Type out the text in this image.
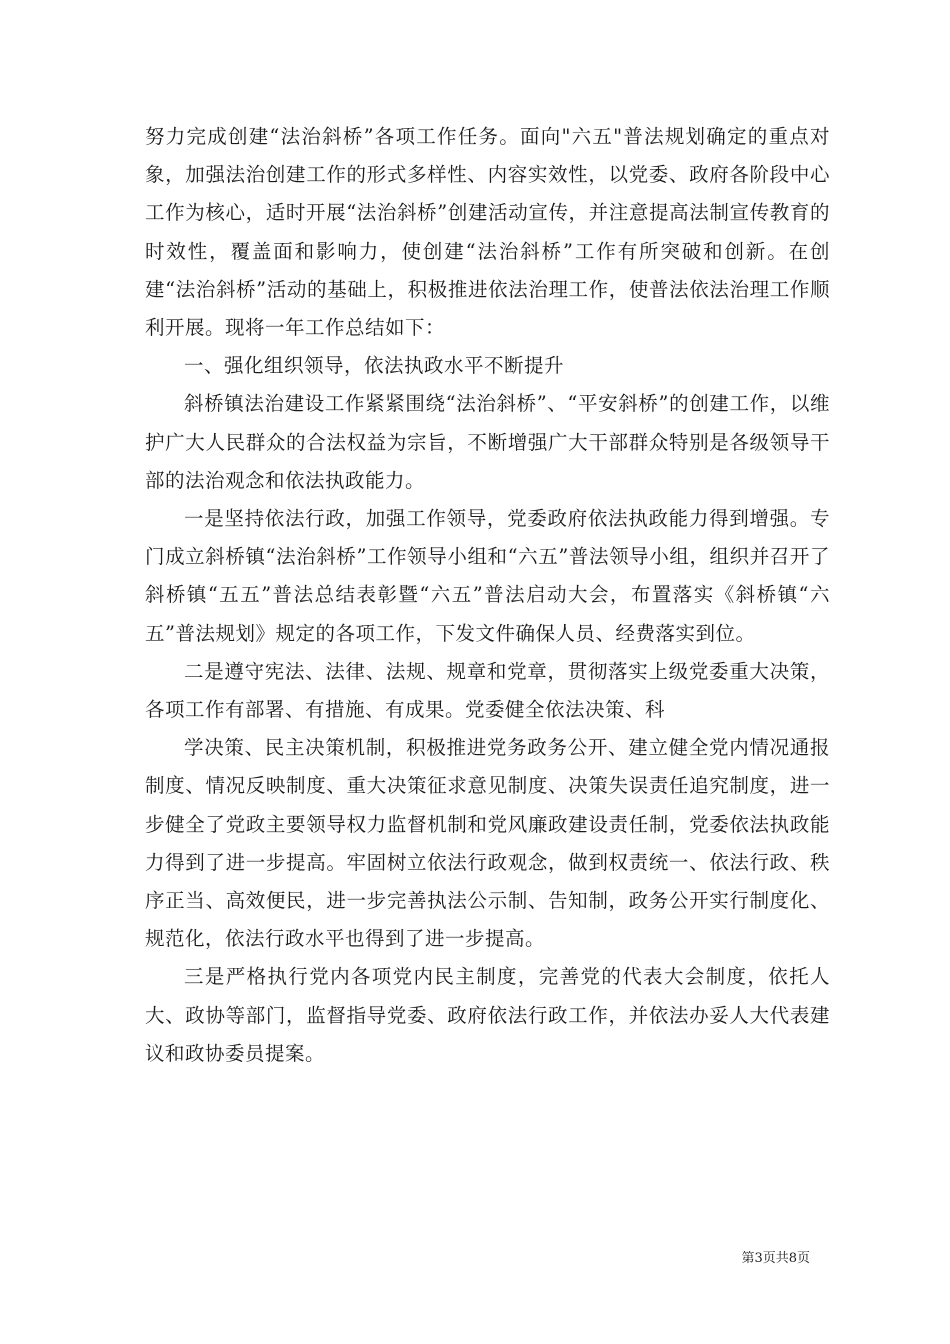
努力完成创建“法治斜桥”各项工作任务。面向"六五"普法规划确定的重点对象，加强法治创建工作的形式多样性、内容实效性，以党委、政府各阶段中心工作为核心，适时开展“法治斜桥”创建活动宣传，并注意提高法制宣传教育的时效性，覆盖面和影响力，使创建“法治斜桥”工作有所突破和创新。在创建“法治斜桥”活动的基础上，积极推进依法治理工作，使普法依法治理工作顺利开展。现将一年工作总结如下：

一、强化组织领导，依法执政水平不断提升

斜桥镇法治建设工作紧紧围绕“法治斜桥”、“平安斜桥”的创建工作，以维护广大人民群众的合法权益为宗旨，不断增强广大干部群众特别是各级领导干部的法治观念和依法执政能力。

一是坚持依法行政，加强工作领导，党委政府依法执政能力得到增强。专门成立斜桥镇“法治斜桥”工作领导小组和“六五”普法领导小组，组织并召开了斜桥镇“五五”普法总结表彰暨“六五”普法启动大会，布置落实《斜桥镇“六五”普法规划》规定的各项工作，下发文件确保人员、经费落实到位。

二是遵守宪法、法律、法规、规章和党章，贯彻落实上级党委重大决策，各项工作有部署、有措施、有成果。党委健全依法决策、科

学决策、民主决策机制，积极推进党务政务公开、建立健全党内情况通报制度、情况反映制度、重大决策征求意见制度、决策失误责任追究制度，进一步健全了党政主要领导权力监督机制和党风廉政建设责任制，党委依法执政能力得到了进一步提高。牢固树立依法行政观念，做到权责统一、依法行政、秩序正当、高效便民，进一步完善执法公示制、告知制，政务公开实行制度化、规范化，依法行政水平也得到了进一步提高。

三是严格执行党内各项党内民主制度，完善党的代表大会制度，依托人大、政协等部门，监督指导党委、政府依法行政工作，并依法办妥人大代表建议和政协委员提案。

第3页共8页
